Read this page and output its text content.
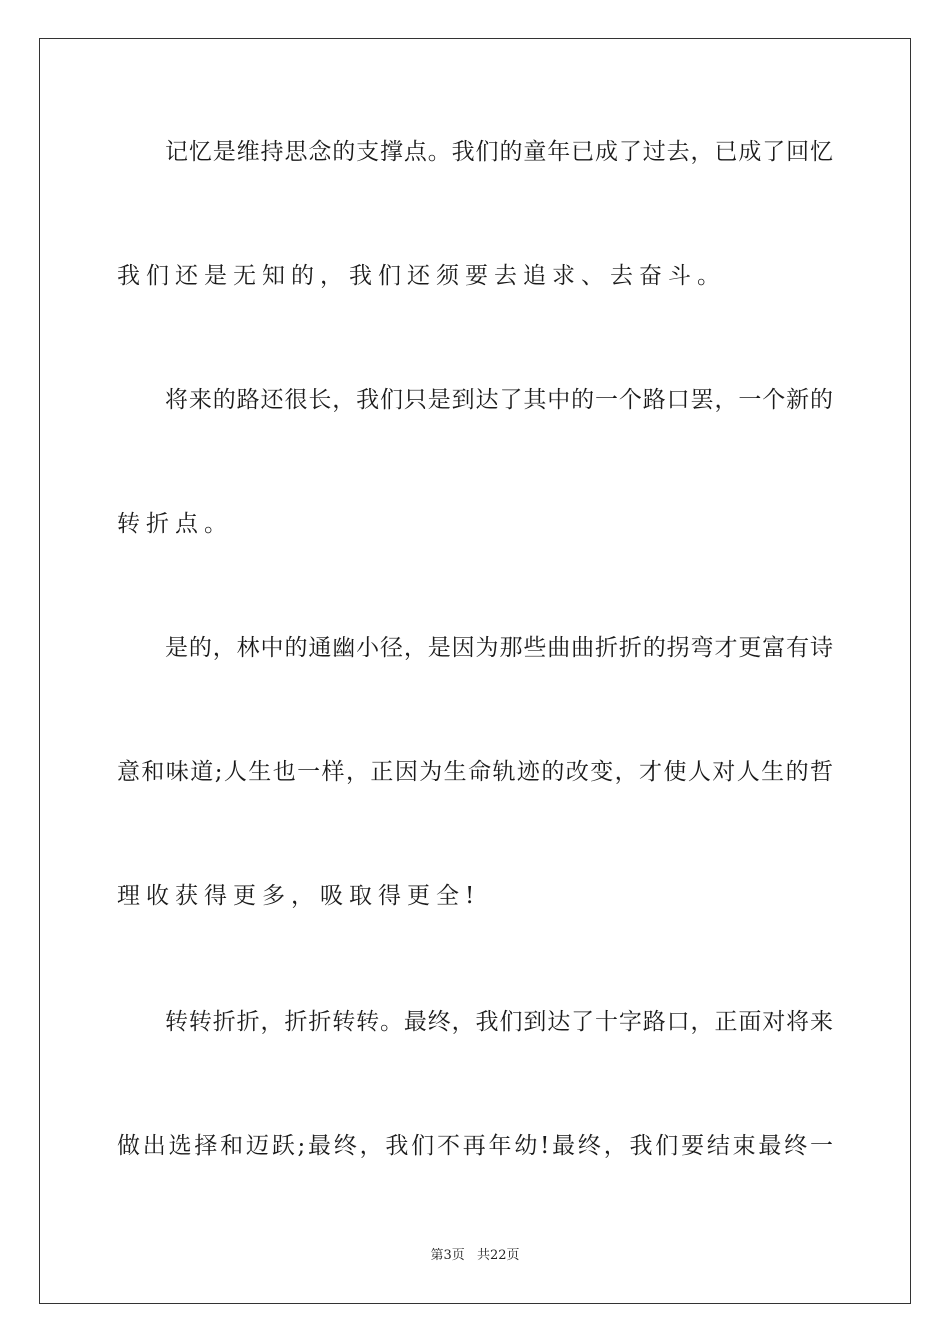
记忆是维持思念的支撑点。我们的童年已成了过去，已成了回忆
我们还是无知的，我们还须要去追求、去奋斗。
将来的路还很长，我们只是到达了其中的一个路口罢，一个新的
转折点。
是的，林中的通幽小径，是因为那些曲曲折折的拐弯才更富有诗
意和味道;人生也一样，正因为生命轨迹的改变，才使人对人生的哲
理收获得更多，吸取得更全!
转转折折，折折转转。最终，我们到达了十字路口，正面对将来
做出选择和迈跃;最终，我们不再年幼!最终，我们要结束最终一
第3页 共22页
